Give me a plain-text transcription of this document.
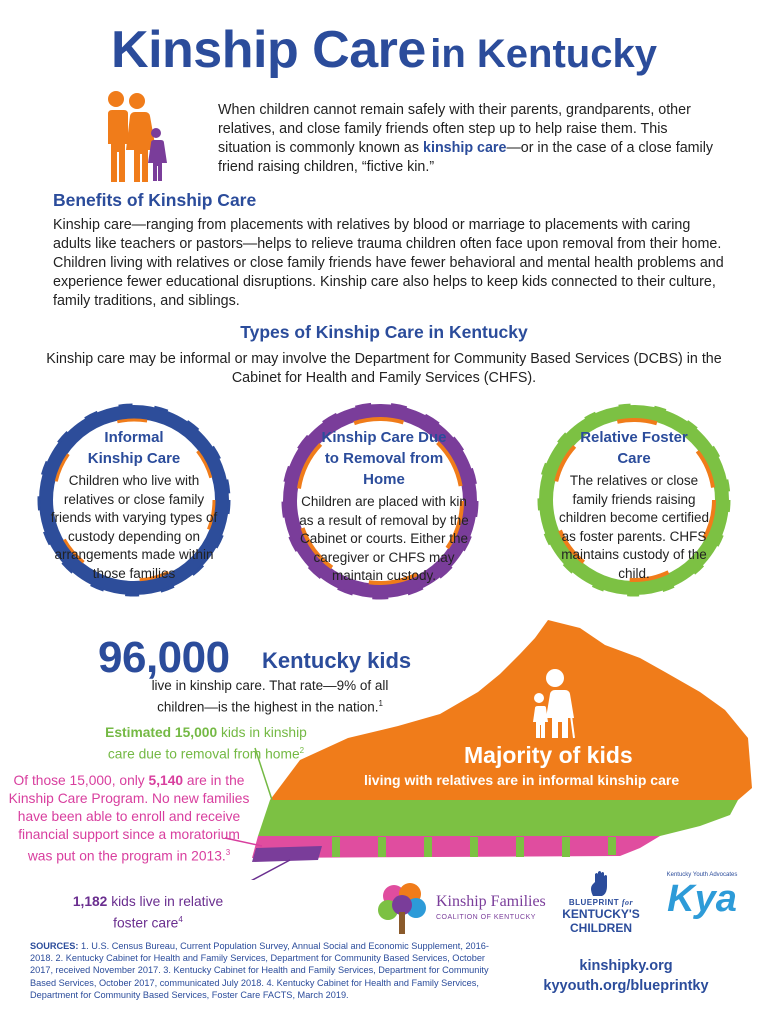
Kinship Care in Kentucky
When children cannot remain safely with their parents, grandparents, other relatives, and close family friends often step up to help raise them. This situation is commonly known as kinship care—or in the case of a close family friend raising children, “fictive kin.”
Benefits of Kinship Care
Kinship care—ranging from placements with relatives by blood or marriage to placements with caring adults like teachers or pastors—helps to relieve trauma children often face upon removal from their home. Children living with relatives or close family friends have fewer behavioral and mental health problems and experience fewer educational disruptions. Kinship care also helps to keep kids connected to their culture, family traditions, and siblings.
Types of Kinship Care in Kentucky
Kinship care may be informal or may involve the Department for Community Based Services (DCBS) in the Cabinet for Health and Family Services (CHFS).
Informal Kinship Care
Children who live with relatives or close family friends with varying types of custody depending on arrangements made within those families
Kinship Care Due to Removal from Home
Children are placed with kin as a result of removal by the Cabinet or courts. Either the caregiver or CHFS may maintain custody.
Relative Foster Care
The relatives or close family friends raising children become certified as foster parents. CHFS maintains custody of the child.
Majority of kids
living with relatives are in informal kinship care
96,000 Kentucky kids
live in kinship care. That rate—9% of all children—is the highest in the nation.$^1$
Estimated 15,000 kids in kinship care due to removal from home$^2$
Of those 15,000, only 5,140 are in the Kinship Care Program. No new families have been able to enroll and receive financial support since a moratorium was put on the program in 2013.$^3$
1,182 kids live in relative foster care$^4$
Kinship Families
COALITION OF KENTUCKY
BLUEPRINT for
KENTUCKY'S
CHILDREN
Kentucky Youth Advocates
Kya
SOURCES: 1. U.S. Census Bureau, Current Population Survey, Annual Social and Economic Supplement, 2016-2018. 2. Kentucky Cabinet for Health and Family Services, Department for Community Based Services, October 2017, received November 2017. 3. Kentucky Cabinet for Health and Family Services, Department for Community Based Services, October 2017, communicated July 2018. 4. Kentucky Cabinet for Health and Family Services, Department for Community Based Services, Foster Care FACTS, March 2019.
kinshipky.org
kyyouth.org/blueprintky
